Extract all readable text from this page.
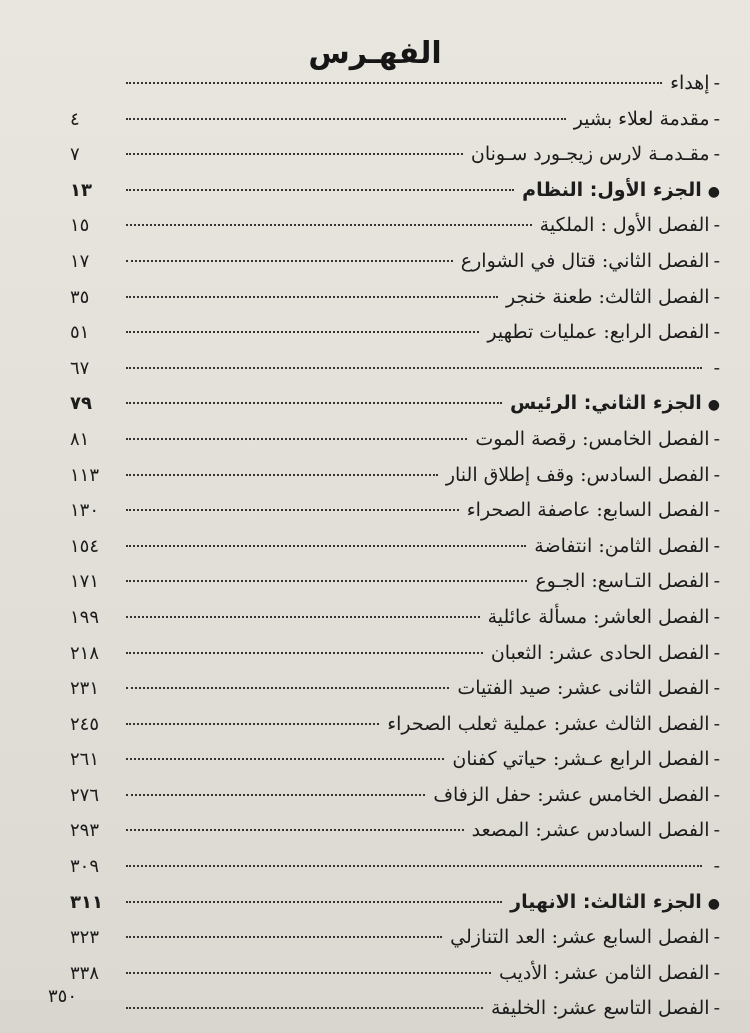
الفهـرس
-إهداء
-مقدمة لعلاء بشير
٤
-مقـدمـة لارس زيجـورد سـونان
٧
●الجزء الأول: النظام
١٣
-الفصل الأول : الملكية
١٥
-الفصل الثاني: قتال في الشوارع
١٧
-الفصل الثالث: طعنة خنجر
٣٥
-الفصل الرابع: عمليات تطهير
٥١
-
٦٧
●الجزء الثاني: الرئيس
٧٩
-الفصل الخامس: رقصة الموت
٨١
-الفصل السادس: وقف إطلاق النار
١١٣
-الفصل السابع: عاصفة الصحراء
١٣٠
-الفصل الثامن: انتفاضة
١٥٤
-الفصل التـاسع: الجـوع
١٧١
-الفصل العاشر: مسألة عائلية
١٩٩
-الفصل الحادى عشر: الثعبان
٢١٨
-الفصل الثانى عشر: صيد الفتيات
٢٣١
-الفصل الثالث عشر: عملية ثعلب الصحراء
٢٤٥
-الفصل الرابع عـشر: حياتي كفنان
٢٦١
-الفصل الخامس عشر: حفل الزفاف
٢٧٦
-الفصل السادس عشر: المصعد
٢٩٣
-
٣٠٩
●الجزء الثالث: الانهيار
٣١١
-الفصل السابع عشر: العد التنازلي
٣٢٣
-الفصل الثامن عشر: الأديب
٣٣٨
-الفصل التاسع عشر: الخليفة
٣٥٠
